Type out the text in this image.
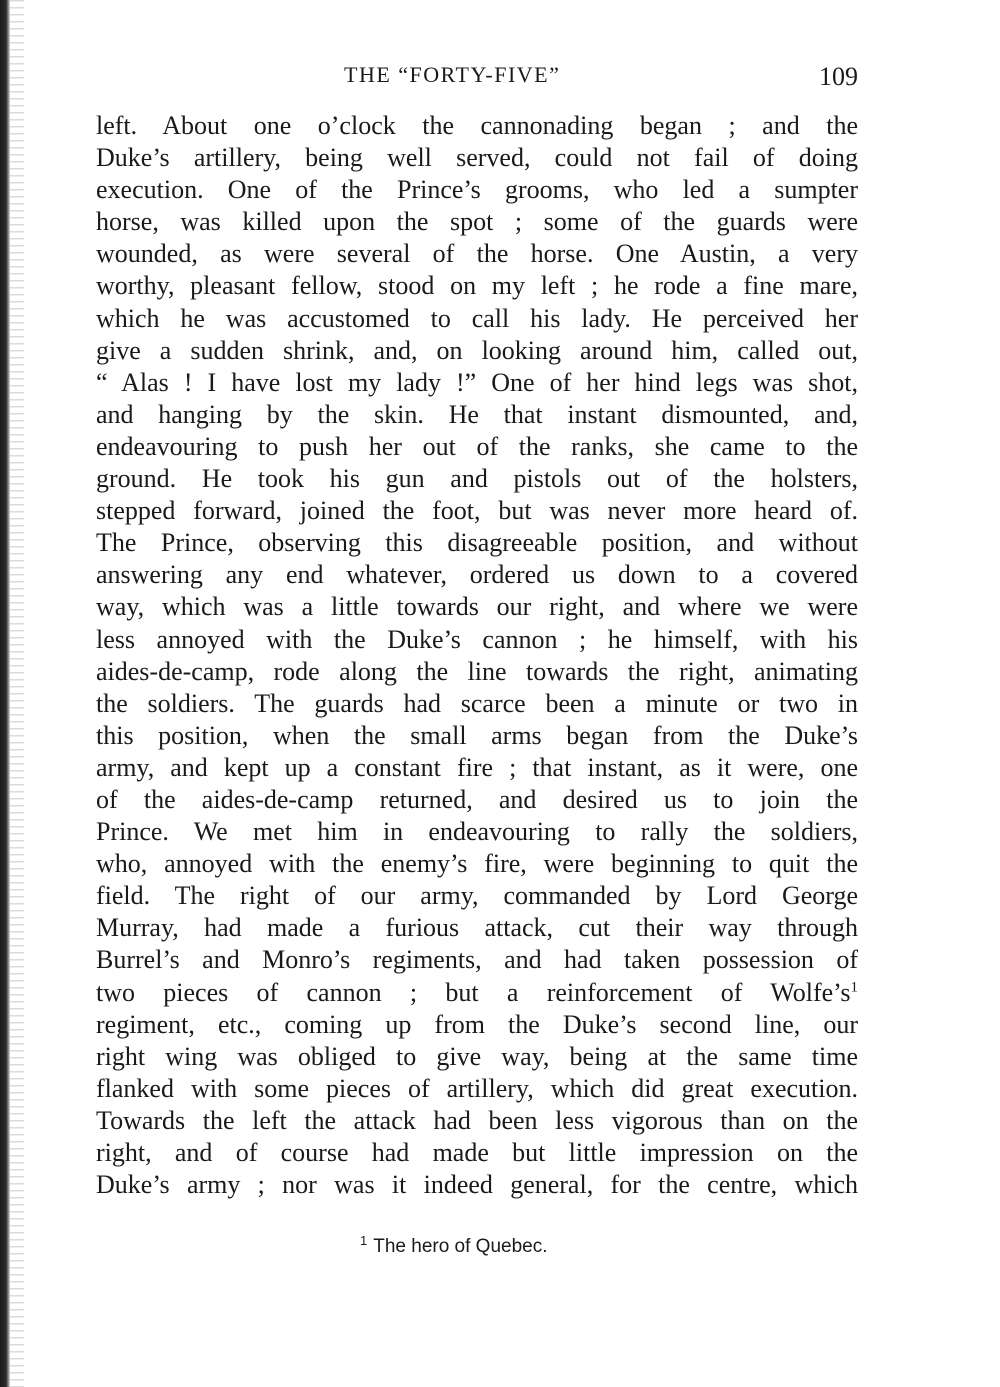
THE “FORTY-FIVE”	109
left. About one o’clock the cannonading began ; and the
Duke’s artillery, being well served, could not fail of doing
execution. One of the Prince’s grooms, who led a sumpter
horse, was killed upon the spot ; some of the guards were
wounded, as were several of the horse. One Austin, a very
worthy, pleasant fellow, stood on my left ; he rode a fine mare,
which he was accustomed to call his lady. He perceived her
give a sudden shrink, and, on looking around him, called out,
“ Alas ! I have lost my lady !” One of her hind legs was shot,
and hanging by the skin. He that instant dismounted, and,
endeavouring to push her out of the ranks, she came to the
ground. He took his gun and pistols out of the holsters,
stepped forward, joined the foot, but was never more heard of.
The Prince, observing this disagreeable position, and without
answering any end whatever, ordered us down to a covered
way, which was a little towards our right, and where we were
less annoyed with the Duke’s cannon ; he himself, with his
aides-de-camp, rode along the line towards the right, animating
the soldiers. The guards had scarce been a minute or two in
this position, when the small arms began from the Duke’s
army, and kept up a constant fire ; that instant, as it were, one
of the aides-de-camp returned, and desired us to join the
Prince. We met him in endeavouring to rally the soldiers,
who, annoyed with the enemy’s fire, were beginning to quit the
field. The right of our army, commanded by Lord George
Murray, had made a furious attack, cut their way through
Burrel’s and Monro’s regiments, and had taken possession of
two pieces of cannon ; but a reinforcement of Wolfe’s$^1$
regiment, etc., coming up from the Duke’s second line, our
right wing was obliged to give way, being at the same time
flanked with some pieces of artillery, which did great execution.
Towards the left the attack had been less vigorous than on the
right, and of course had made but little impression on the
Duke’s army ; nor was it indeed general, for the centre, which
$^1$ The hero of Quebec.
